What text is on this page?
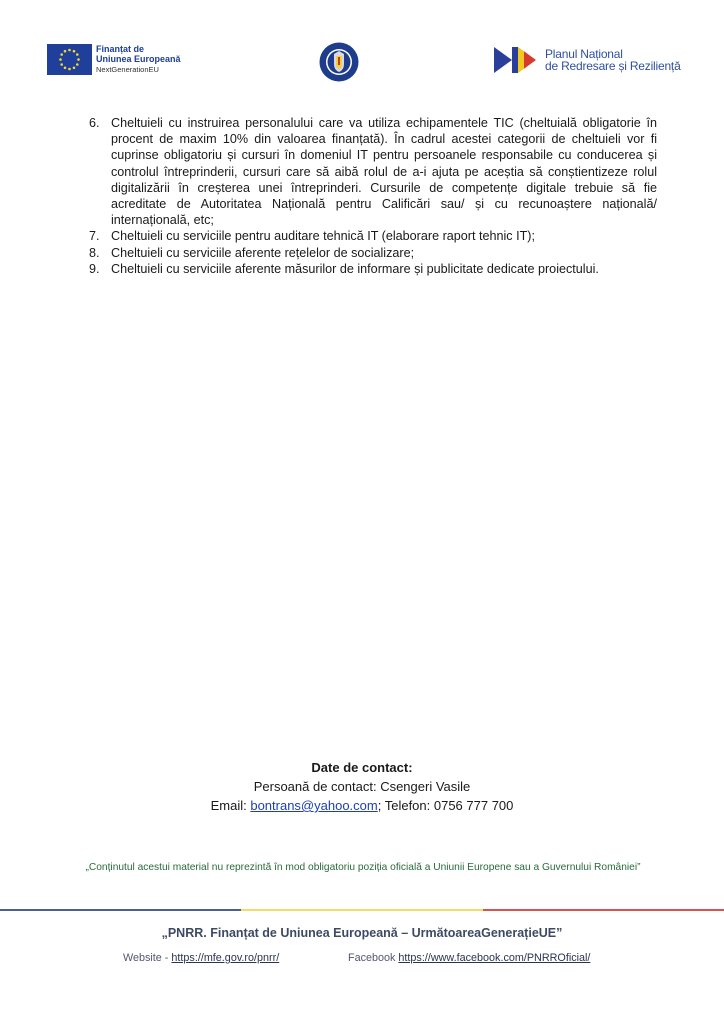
Finanțat de
Uniunea Europeană
NextGenerationEU
Planul Național
de Redresare și Reziliență
6. Cheltuieli cu instruirea personalului care va utiliza echipamentele TIC (cheltuială obligatorie în procent de maxim 10% din valoarea finanțată). În cadrul acestei categorii de cheltuieli vor fi cuprinse obligatoriu și cursuri în domeniul IT pentru persoanele responsabile cu conducerea și controlul întreprinderii, cursuri care să aibă rolul de a-i ajuta pe aceștia să conștientizeze rolul digitalizării în creșterea unei întreprinderi. Cursurile de competențe digitale trebuie să fie acreditate de Autoritatea Națională pentru Calificări sau/ și cu recunoaștere națională/ internațională, etc;
7. Cheltuieli cu serviciile pentru auditare tehnică IT (elaborare raport tehnic IT);
8. Cheltuieli cu serviciile aferente rețelelor de socializare;
9. Cheltuieli cu serviciile aferente măsurilor de informare și publicitate dedicate proiectului.
Date de contact:
Persoană de contact: Csengeri Vasile
Email: bontrans@yahoo.com; Telefon: 0756 777 700
„Conținutul acestui material nu reprezintă în mod obligatoriu poziția oficială a Uniunii Europene sau a Guvernului României”
„PNRR. Finanțat de Uniunea Europeană – UrmătoareaGenerațieUE”
Website - https://mfe.gov.ro/pnrr/	Facebook https://www.facebook.com/PNRROficial/
